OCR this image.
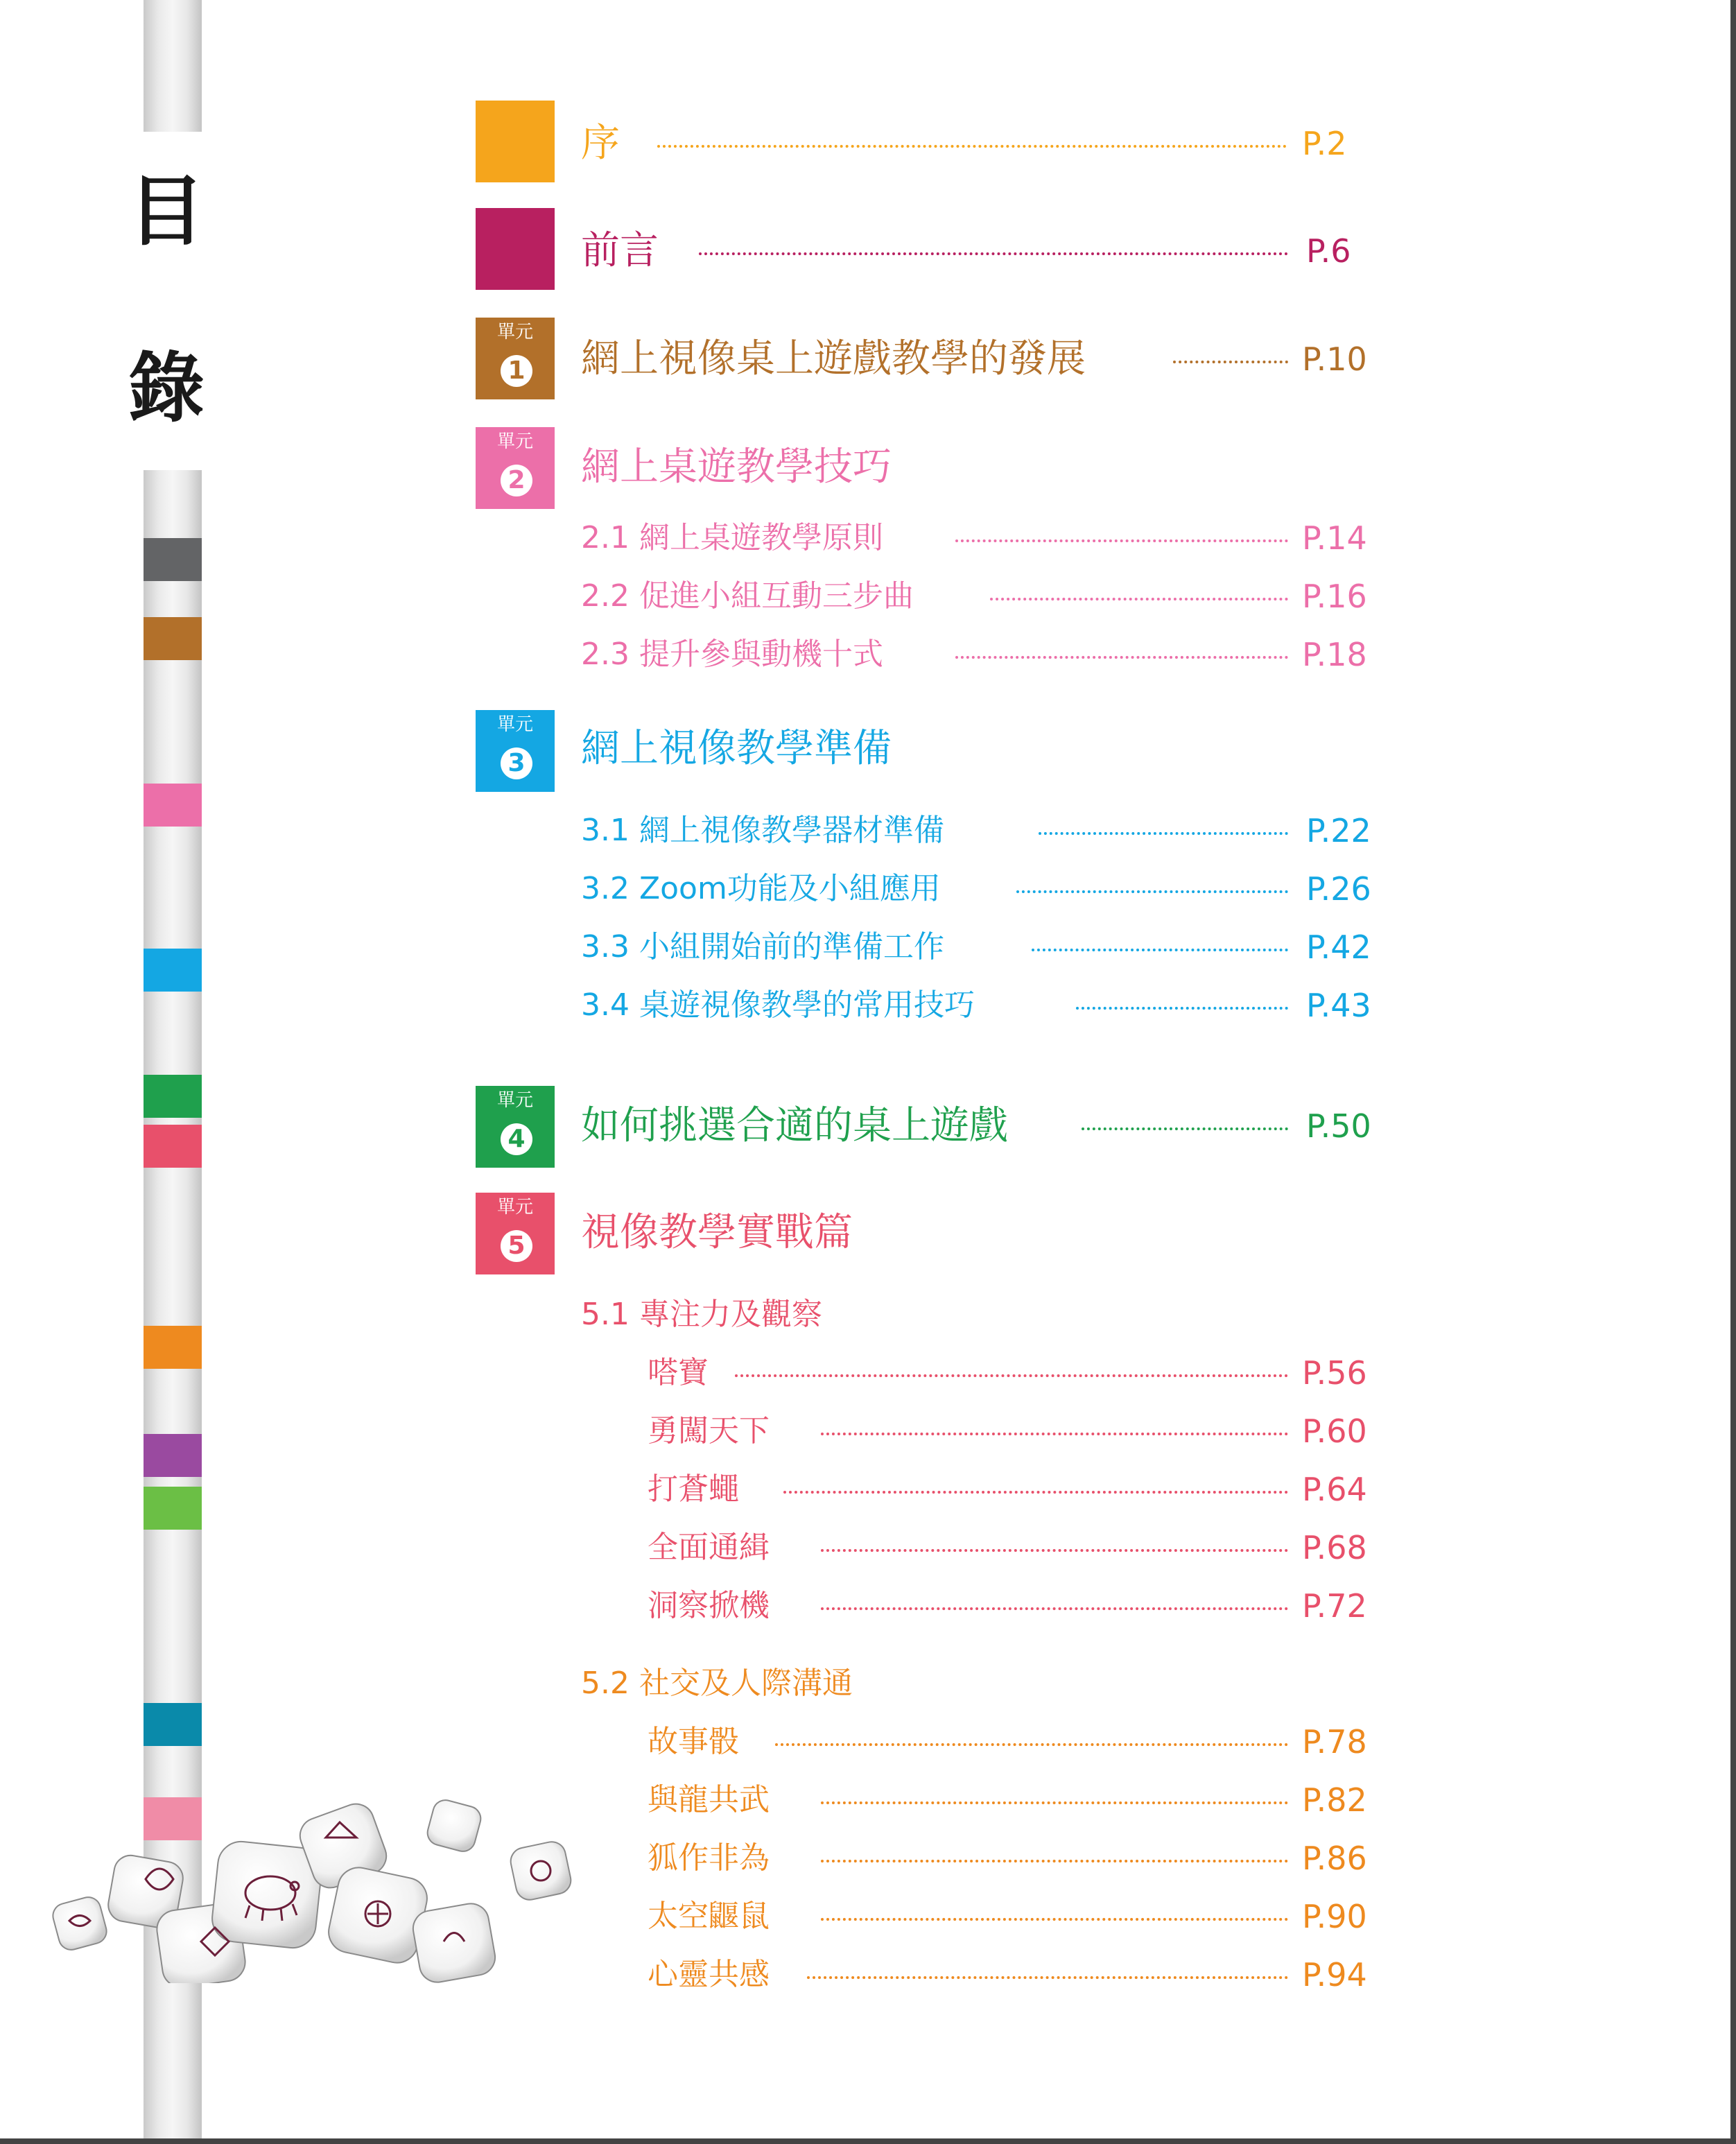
目
錄
單元
1
單元
2
單元
3
單元
4
單元
5
序	P.2
前言	P.6
網上視像桌上遊戲教學的發展	P.10
網上桌遊教學技巧
2.1 網上桌遊教學原則	P.14
2.2 促進小組互動三步曲	P.16
2.3 提升參與動機十式	P.18
網上視像教學準備
3.1 網上視像教學器材準備	P.22
3.2 Zoom功能及小組應用	P.26
3.3 小組開始前的準備工作	P.42
3.4 桌遊視像教學的常用技巧	P.43
如何挑選合適的桌上遊戲	P.50
視像教學實戰篇
5.1 專注力及觀察
嗒寶	P.56
勇闖天下	P.60
打蒼蠅	P.64
全面通緝	P.68
洞察掀機	P.72
5.2 社交及人際溝通
故事骰	P.78
與龍共武	P.82
狐作非為	P.86
太空鼴鼠	P.90
心靈共感	P.94
